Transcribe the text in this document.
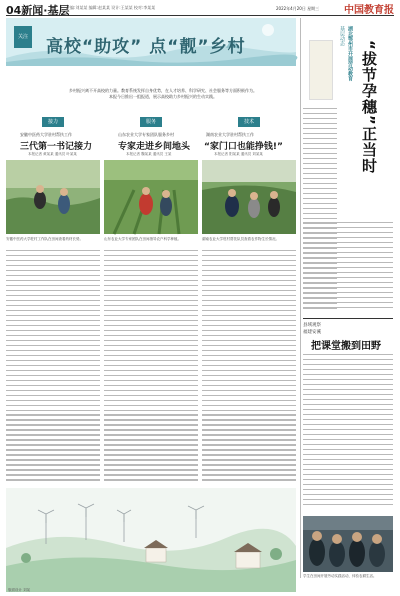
04新闻·基层
主编:刘某某 编辑:赵某某 设计:王某某 校对:李某某	2022年4月20日 星期三 中国教育报
关注 高校“助攻” 点“靓”乡村
乡村振兴离不开高校的力量。教育系统发挥自身优势，在人才培养、科学研究、社会服务等方面积极作为。本报今日推出一组报道，展示高校助力乡村振兴的生动实践。
接力
安徽中医药大学驻村帮扶工作
三代第一书记接力
本报记者 黄某某 通讯员 叶某某
服务
山东农业大学专家团队服务乡村
专家走进乡间地头
本报记者 魏某某 通讯员 王某
技术
湖南农业大学驻村帮扶工作
“家门口也能挣钱!”
本报记者 阳某某 通讯员 刘某某
安徽中医药大学驻村工作队在田间查看药材长势。	山东农业大学专家团队在田间指导农户科学种植。	湖南农业大学驻村帮扶队员查看农作物生长情况。
版面设计 刘某
湖北鄂州市开展劳动教育
基层动态
“拔节孕穗”正当时
县域观察
福建安溪
把课堂搬到田野
学生在田间开展劳动实践活动，体验农耕生活。
